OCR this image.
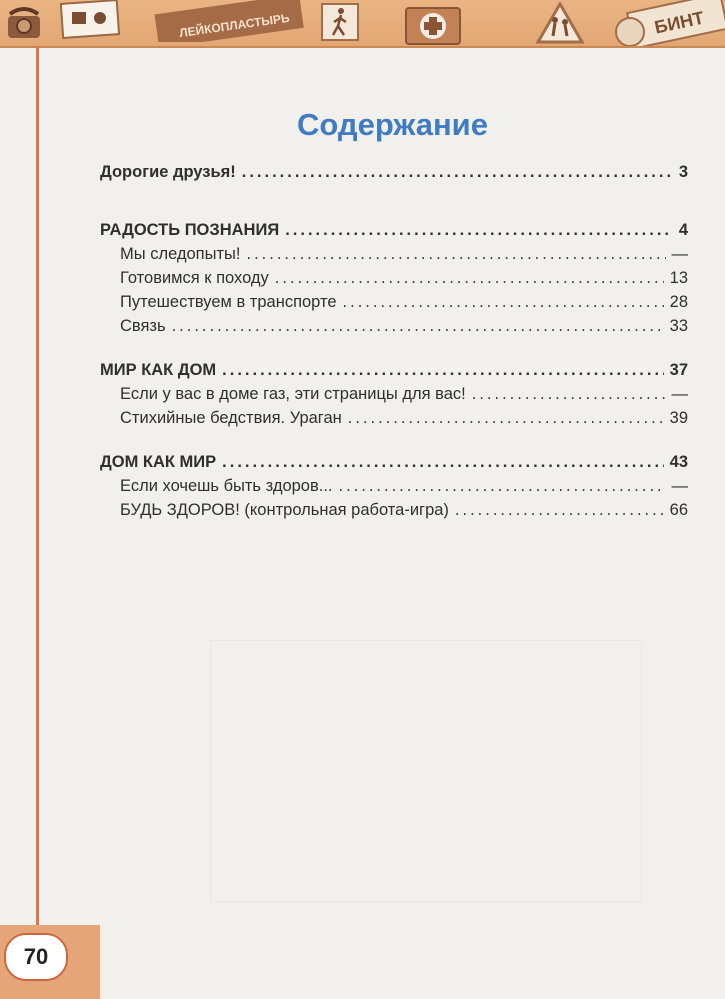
ЛЕЙКОПЛАСТЫРЬ	БИНТ
Содержание
Дорогие друзья! .....	3
РАДОСТЬ ПОЗНАНИЯ .....	4
Мы следопыты! .....	—
Готовимся к походу .....	13
Путешествуем в транспорте .....	28
Связь .....	33
МИР КАК ДОМ .....	37
Если у вас в доме газ, эти страницы для вас! .....	—
Стихийные бедствия. Ураган .....	39
ДОМ КАК МИР .....	43
Если хочешь быть здоров... .....	—
БУДЬ ЗДОРОВ! (контрольная работа-игра) .....	66
70
